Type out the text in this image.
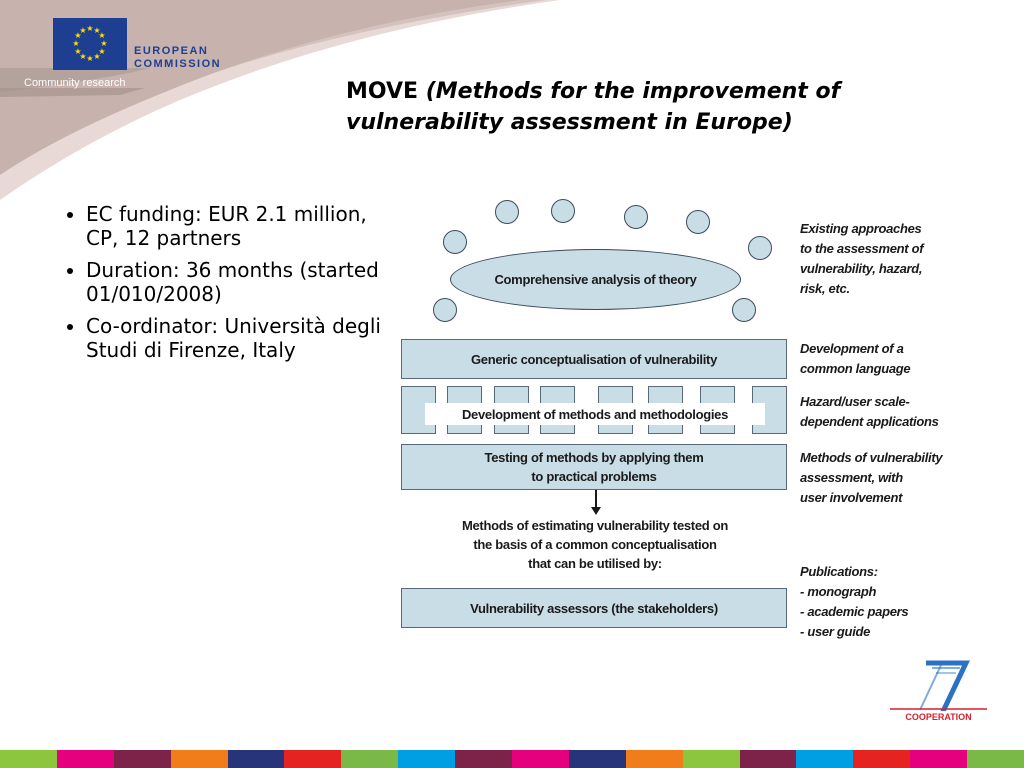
★ ★
★
★
★
★
★
★
★
★
★
★
EUROPEAN
COMMISSION
Community research	MOVE (Methods for the improvement of vulnerability assessment in Europe)
• EC funding: EUR 2.1 million, CP, 12 partners
• Duration: 36 months (started 01/010/2008)
• Co-ordinator: Università degli Studi di Firenze, Italy
Comprehensive analysis of theory
Generic conceptualisation of vulnerability
Development of methods and methodologies
Testing of methods by applying them
to practical problems
Methods of estimating vulnerability tested on
the basis of a common conceptualisation
that can be utilised by:
Vulnerability assessors (the stakeholders)
Existing approaches
to the assessment of
vulnerability, hazard,
risk, etc.
Development of a
common language
Hazard/user scale-
dependent applications
Methods of vulnerability
assessment, with
user involvement
Publications:
- monograph
- academic papers
- user guide
COOPERATION
